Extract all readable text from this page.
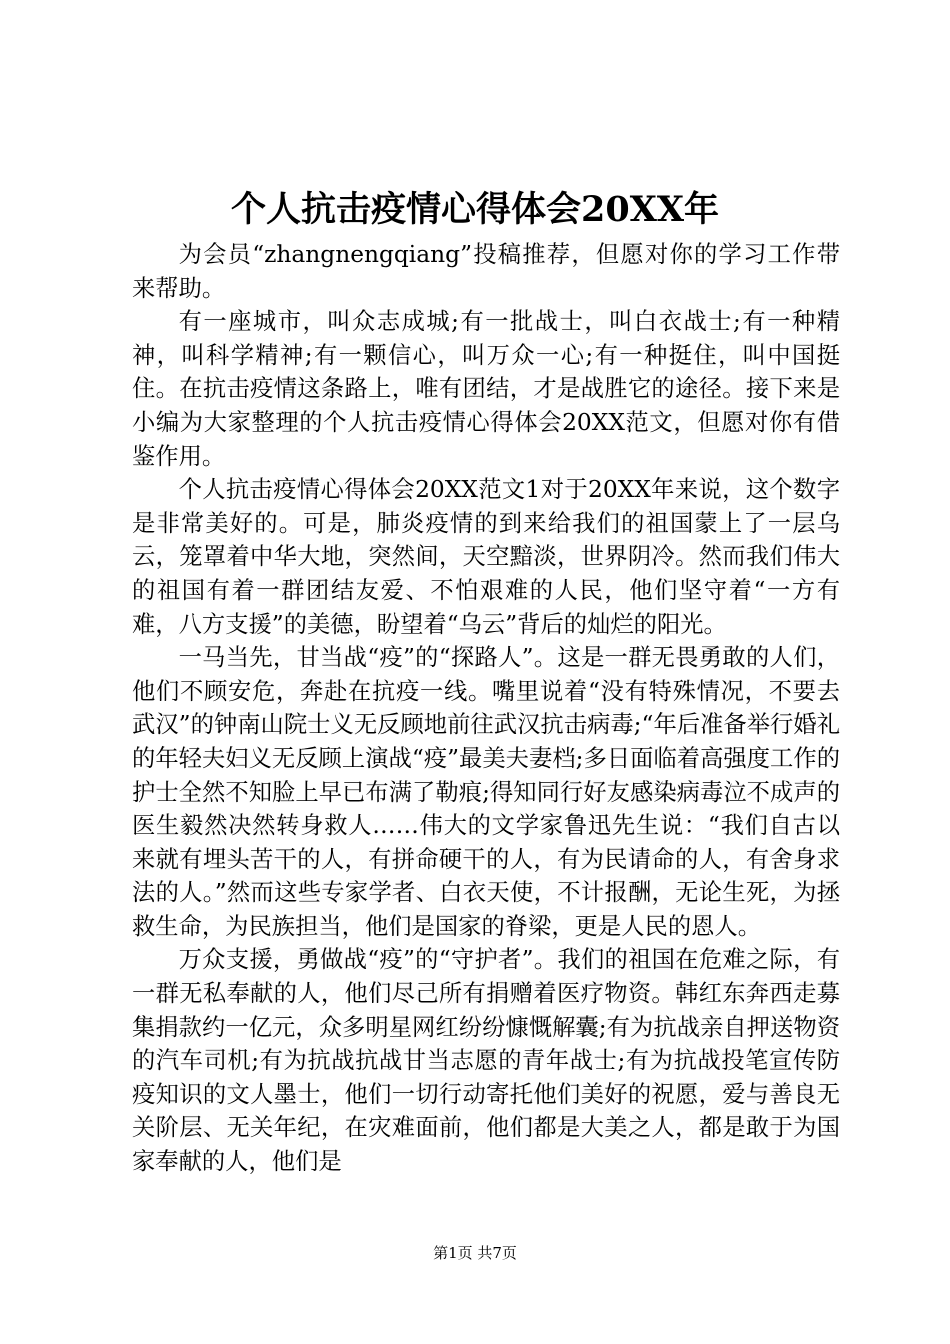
个人抗击疫情心得体会20XX年

为会员“zhangnengqiang”投稿推荐，但愿对你的学习工作带来帮助。

有一座城市，叫众志成城;有一批战士，叫白衣战士;有一种精神，叫科学精神;有一颗信心，叫万众一心;有一种挺住，叫中国挺住。在抗击疫情这条路上，唯有团结，才是战胜它的途径。接下来是小编为大家整理的个人抗击疫情心得体会20XX范文，但愿对你有借鉴作用。

个人抗击疫情心得体会20XX范文1对于20XX年来说，这个数字是非常美好的。可是，肺炎疫情的到来给我们的祖国蒙上了一层乌云，笼罩着中华大地，突然间，天空黯淡，世界阴冷。然而我们伟大的祖国有着一群团结友爱、不怕艰难的人民，他们坚守着“一方有难，八方支援”的美德，盼望着“乌云”背后的灿烂的阳光。

一马当先，甘当战“疫”的“探路人”。这是一群无畏勇敢的人们，他们不顾安危，奔赴在抗疫一线。嘴里说着“没有特殊情况，不要去武汉”的钟南山院士义无反顾地前往武汉抗击病毒;“年后准备举行婚礼的年轻夫妇义无反顾上演战“疫”最美夫妻档;多日面临着高强度工作的护士全然不知脸上早已布满了勒痕;得知同行好友感染病毒泣不成声的医生毅然决然转身救人……伟大的文学家鲁迅先生说：“我们自古以来就有埋头苦干的人，有拼命硬干的人，有为民请命的人，有舍身求法的人。”然而这些专家学者、白衣天使，不计报酬，无论生死，为拯救生命，为民族担当，他们是国家的脊梁，更是人民的恩人。

万众支援，勇做战“疫”的“守护者”。我们的祖国在危难之际，有一群无私奉献的人，他们尽己所有捐赠着医疗物资。韩红东奔西走募集捐款约一亿元，众多明星网红纷纷慷慨解囊;有为抗战亲自押送物资的汽车司机;有为抗战抗战甘当志愿的青年战士;有为抗战投笔宣传防疫知识的文人墨士，他们一切行动寄托他们美好的祝愿，爱与善良无关阶层、无关年纪，在灾难面前，他们都是大美之人，都是敢于为国家奉献的人，他们是

第1页 共7页
